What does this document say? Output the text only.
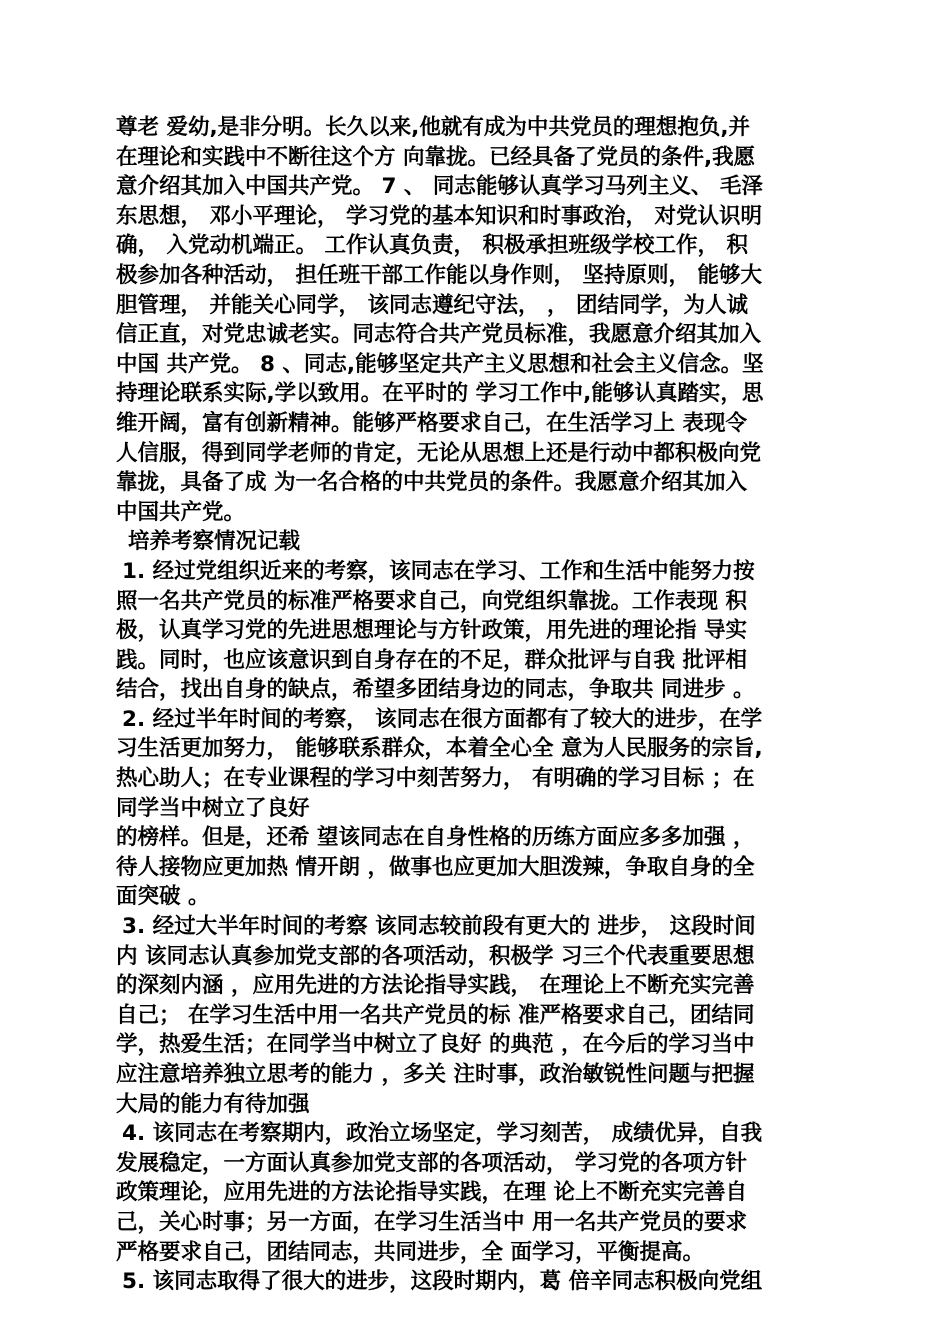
尊老 爱幼,是非分明。长久以来,他就有成为中共党员的理想抱负,并
在理论和实践中不断往这个方 向靠拢。已经具备了党员的条件,我愿
意介绍其加入中国共产党。 7 、 同志能够认真学习马列主义、 毛泽
东思想， 邓小平理论， 学习党的基本知识和时事政治， 对党认识明
确， 入党动机端正。 工作认真负责， 积极承担班级学校工作， 积
极参加各种活动， 担任班干部工作能以身作则， 坚持原则， 能够大
胆管理， 并能关心同学， 该同志遵纪守法， ， 团结同学，为人诚
信正直，对党忠诚老实。同志符合共产党员标准，我愿意介绍其加入
中国 共产党。 8 、同志,能够坚定共产主义思想和社会主义信念。坚
持理论联系实际,学以致用。在平时的 学习工作中,能够认真踏实，思
维开阔，富有创新精神。能够严格要求自己，在生活学习上 表现令
人信服，得到同学老师的肯定，无论从思想上还是行动中都积极向党
靠拢，具备了成 为一名合格的中共党员的条件。我愿意介绍其加入
中国共产党。
培养考察情况记载
1. 经过党组织近来的考察，该同志在学习、工作和生活中能努力按
照一名共产党员的标准严格要求自己，向党组织靠拢。工作表现 积
极，认真学习党的先进思想理论与方针政策，用先进的理论指 导实
践。同时，也应该意识到自身存在的不足，群众批评与自我 批评相
结合，找出自身的缺点，希望多团结身边的同志，争取共 同进步 。
2. 经过半年时间的考察， 该同志在很方面都有了较大的进步，在学
习生活更加努力， 能够联系群众，本着全心全 意为人民服务的宗旨,
热心助人；在专业课程的学习中刻苦努力， 有明确的学习目标 ；在
同学当中树立了良好
的榜样。但是，还希 望该同志在自身性格的历练方面应多多加强 ，
待人接物应更加热 情开朗 ，做事也应更加大胆泼辣，争取自身的全
面突破 。
3. 经过大半年时间的考察 该同志较前段有更大的 进步， 这段时间
内 该同志认真参加党支部的各项活动，积极学 习三个代表重要思想
的深刻内涵 ，应用先进的方法论指导实践， 在理论上不断充实完善
自己； 在学习生活中用一名共产党员的标 准严格要求自己，团结同
学，热爱生活；在同学当中树立了良好 的典范 ，在今后的学习当中
应注意培养独立思考的能力 ，多关 注时事，政治敏锐性问题与把握
大局的能力有待加强
4. 该同志在考察期内，政治立场坚定，学习刻苦， 成绩优异，自我
发展稳定，一方面认真参加党支部的各项活动， 学习党的各项方针
政策理论，应用先进的方法论指导实践，在理 论上不断充实完善自
己，关心时事；另一方面，在学习生活当中 用一名共产党员的要求
严格要求自己，团结同志，共同进步，全 面学习，平衡提高。
5. 该同志取得了很大的进步，这段时期内，葛 倍辛同志积极向党组
